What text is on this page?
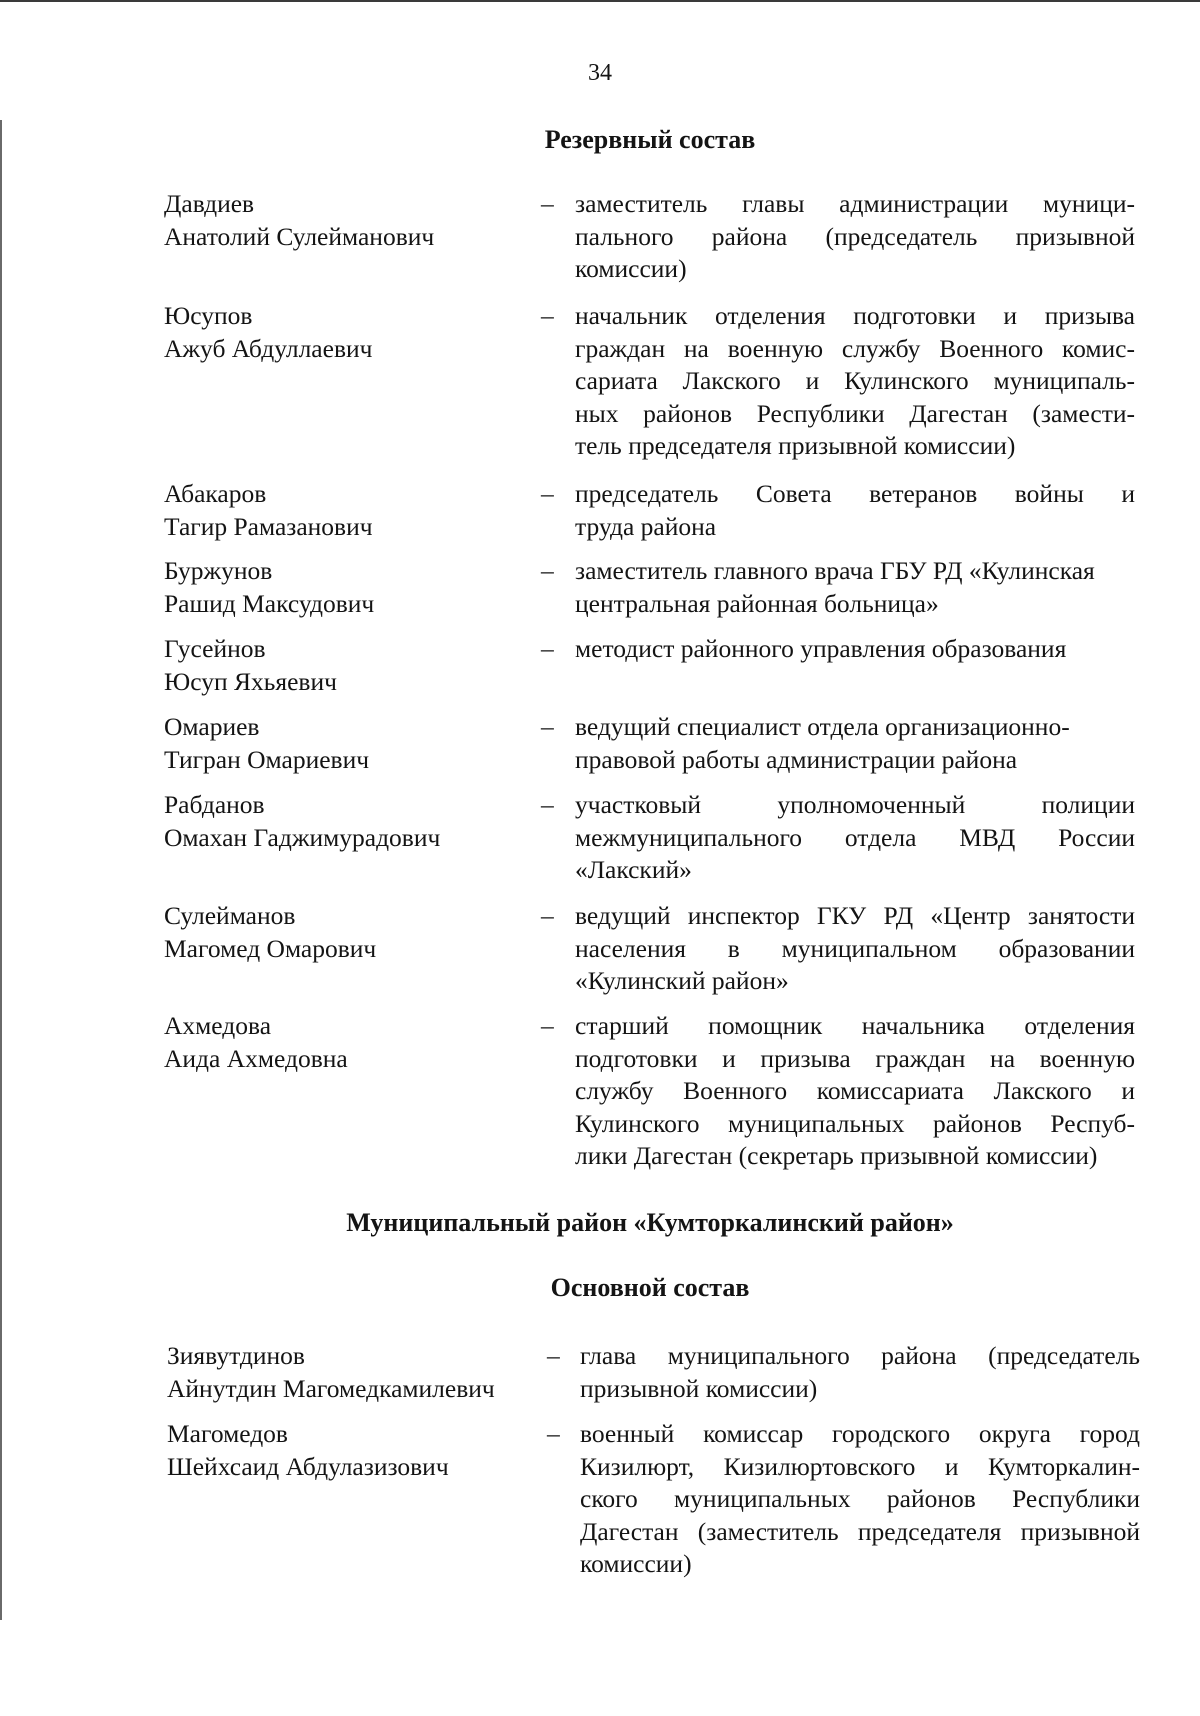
34
Резервный состав
Давдиев
Анатолий Сулейманович
– заместитель главы администрации муници-
пального района (председатель призывной
комиссии)
Юсупов
Ажуб Абдуллаевич
– начальник отделения подготовки и призыва
граждан на военную службу Военного комис-
сариата Лакского и Кулинского муниципаль-
ных районов Республики Дагестан (замести-
тель председателя призывной комиссии)
Абакаров
Тагир Рамазанович
– председатель Совета ветеранов войны и
труда района
Буржунов
Рашид Максудович
– заместитель главного врача ГБУ РД «Кулинская
центральная районная больница»
Гусейнов
Юсуп Яхьяевич
– методист районного управления образования
Омариев
Тигран Омариевич
– ведущий специалист отдела организационно-
правовой работы администрации района
Рабданов
Омахан Гаджимурадович
– участковый уполномоченный полиции
межмуниципального отдела МВД России
«Лакский»
Сулейманов
Магомед Омарович
– ведущий инспектор ГКУ РД «Центр занятости
населения в муниципальном образовании
«Кулинский район»
Ахмедова
Аида Ахмедовна
– старший помощник начальника отделения
подготовки и призыва граждан на военную
службу Военного комиссариата Лакского и
Кулинского муниципальных районов Респуб-
лики Дагестан (секретарь призывной комиссии)
Муниципальный район «Кумторкалинский район»
Основной состав
Зиявутдинов
Айнутдин Магомедкамилевич
– глава муниципального района (председатель
призывной комиссии)
Магомедов
Шейхсаид Абдулазизович
– военный комиссар городского округа город
Кизилюрт, Кизилюртовского и Кумторкалин-
ского муниципальных районов Республики
Дагестан (заместитель председателя призывной
комиссии)
